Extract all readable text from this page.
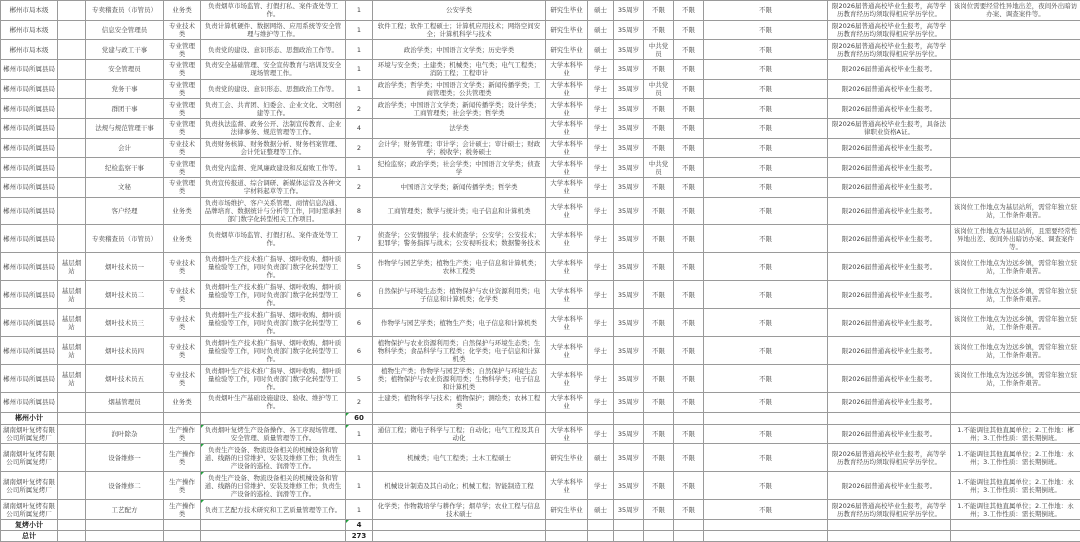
郴州市局本级		专卖稽查员（市管员）	业务类	负责烟草市场监管、打假打私、案件查处等工作。	1	公安学类	研究生毕业	硕士	35周岁	不限	不限	不限	限2026届普通高校毕业生报考，高等学历教育经历均须取得相应学历学位。	该岗位需要经常性异地出差，夜间外出暗访办案、调查案件等。
郴州市局本级		信息安全管理员	专业技术类	负责计算机硬件、数据网络、应用系统等安全管理与维护等工作。	1	软件工程；软件工程硕士；计算机应用技术；网络空间安全；计算机科学与技术	研究生毕业	硕士	35周岁	不限	不限	不限	限2026届普通高校毕业生报考，高等学历教育经历均须取得相应学历学位。	
郴州市局本级		党建与政工干事	专业管理类	负责党的建设、意识形态、思想政治工作等。	1	政治学类；中国语言文学类；历史学类	研究生毕业	硕士	35周岁	中共党员	不限	不限	限2026届普通高校毕业生报考，高等学历教育经历均须取得相应学历学位。	
郴州市局所属县局		安全管理员	专业管理类	负责安全基础管理、安全宣传教育与培训及安全现场管理工作。	1	环境与安全类；土建类；机械类；电气类；电气工程类；消防工程；工程审计	大学本科毕业	学士	35周岁	不限	不限	不限	限2026届普通高校毕业生报考。	
郴州市局所属县局		党务干事	专业管理类	负责党的建设、意识形态、思想政治工作等。	1	政治学类；哲学类；中国语言文学类；新闻传播学类；工商管理类；公共管理类	大学本科毕业	学士	35周岁	中共党员	不限	不限	限2026届普通高校毕业生报考。	
郴州市局所属县局		群团干事	专业管理类	负责工会、共青团、妇委会、企业文化、文明创建等工作。	2	政治学类；中国语言文学类；新闻传播学类；设计学类；工商管理类；社会学类；哲学类	大学本科毕业	学士	35周岁	不限	不限	不限	限2026届普通高校毕业生报考。	
郴州市局所属县局		法规与规范管理干事	专业管理类	负责执法监督、政务公开、法制宣传教育、企业法律事务、规范管理等工作。	4	法学类	大学本科毕业	学士	35周岁	不限	不限	不限	限2026届普通高校毕业生报考，具备法律职业资格A证。	
郴州市局所属县局		会计	专业技术类	负责财务核算、财务数据分析、财务档案管理、会计凭证整理等工作。	2	会计学；财务管理；审计学；会计硕士；审计硕士；财政学；税收学；税务硕士	大学本科毕业	学士	35周岁	不限	不限	不限	限2026届普通高校毕业生报考。	
郴州市局所属县局		纪检监察干事	专业管理类	负责党内监督、党风廉政建设和反腐败工作等。	1	纪检监察；政治学类；社会学类；中国语言文学类；侦查学	大学本科毕业	学士	35周岁	中共党员	不限	不限	限2026届普通高校毕业生报考。	
郴州市局所属县局		文秘	专业管理类	负责宣传报道、综合调研、新媒体运营及各种文字材料起草等工作。	2	中国语言文学类；新闻传播学类；哲学类	大学本科毕业	学士	35周岁	不限	不限	不限	限2026届普通高校毕业生报考。	
郴州市局所属县局		客户经理	业务类	负责市场维护、客户关系管理、商情信息沟通、品牌培育、数据统计与分析等工作，同时需承担部门数字化转型相关工作项目。	8	工商管理类；数学与统计类；电子信息和计算机类	大学本科毕业	学士	35周岁	不限	不限	不限	限2026届普通高校毕业生报考。	该岗位工作地点为基层站所，需常年独立驻站，工作条件艰苦。
郴州市局所属县局		专卖稽查员（市管员）	业务类	负责烟草市场监管、打假打私、案件查处等工作。	7	侦查学；公安情报学；技术侦查学；公安学；公安技术；犯罪学；警务指挥与战术；公安视听技术；数据警务技术	大学本科毕业	学士	35周岁	不限	不限	不限	限2026届普通高校毕业生报考。	该岗位工作地点为基层站所，且需要经常性异地出差、夜间外出暗访办案、调查案件等。
郴州市局所属县局	基层烟站	烟叶技术员一	专业技术类	负责烟叶生产技术推广指导、烟叶收购、烟叶质量检验等工作，同时负责部门数字化转型等工作。	5	作物学与园艺学类；植物生产类；电子信息和计算机类；农林工程类	大学本科毕业	学士	35周岁	不限	不限	不限	限2026届普通高校毕业生报考。	该岗位工作地点为边远乡镇，需常年独立驻站，工作条件艰苦。
郴州市局所属县局	基层烟站	烟叶技术员二	专业技术类	负责烟叶生产技术推广指导、烟叶收购、烟叶质量检验等工作，同时负责部门数字化转型等工作。	6	自然保护与环境生态类；植物保护与农业资源利用类；电子信息和计算机类；化学类	大学本科毕业	学士	35周岁	不限	不限	不限	限2026届普通高校毕业生报考。	该岗位工作地点为边远乡镇，需常年独立驻站，工作条件艰苦。
郴州市局所属县局	基层烟站	烟叶技术员三	专业技术类	负责烟叶生产技术推广指导、烟叶收购、烟叶质量检验等工作，同时负责部门数字化转型等工作。	6	作物学与园艺学类；植物生产类；电子信息和计算机类	大学本科毕业	学士	35周岁	不限	不限	不限	限2026届普通高校毕业生报考。	该岗位工作地点为边远乡镇，需常年独立驻站，工作条件艰苦。
郴州市局所属县局	基层烟站	烟叶技术员四	专业技术类	负责烟叶生产技术推广指导、烟叶收购、烟叶质量检验等工作，同时负责部门数字化转型等工作。	6	植物保护与农业资源利用类；自然保护与环境生态类；生物科学类；食品科学与工程类；化学类；电子信息和计算机类	大学本科毕业	学士	35周岁	不限	不限	不限	限2026届普通高校毕业生报考。	该岗位工作地点为边远乡镇，需常年独立驻站，工作条件艰苦。
郴州市局所属县局	基层烟站	烟叶技术员五	专业技术类	负责烟叶生产技术推广指导、烟叶收购、烟叶质量检验等工作，同时负责部门数字化转型等工作。	5	植物生产类；作物学与园艺学类；自然保护与环境生态类；植物保护与农业资源利用类；生物科学类；电子信息和计算机类	大学本科毕业	学士	35周岁	不限	不限	不限	限2026届普通高校毕业生报考。	该岗位工作地点为边远乡镇，需常年独立驻站，工作条件艰苦。
郴州市局所属县局		烟基管理员	业务类	负责烟叶生产基础设施建设、验收、维护等工作。	2	土建类；植物科学与技术；植物保护；测绘类；农林工程类	大学本科毕业	学士	35周岁	不限	不限	不限	限2026届普通高校毕业生报考。	
郴州小计					60									
湖南烟叶复烤有限公司所属复烤厂		润叶除杂	生产操作类	负责烟叶复烤生产设备操作、各工序现场管理、安全管理、质量管理等工作。	1	通信工程；微电子科学与工程；自动化；电气工程及其自动化	大学本科毕业	学士	35周岁	不限	不限	不限	限2026届普通高校毕业生报考。	1.不能调往其他直属单位；2.工作地：郴州；3.工作性质：需长期倒班。
湖南烟叶复烤有限公司所属复烤厂		设备维修一	生产操作类	负责生产设备、物流设备相关的机械设备和管道、线路的日常维护、安装及维修工作；负责生产设备的巡检、润滑等工作。	1	机械类；电气工程类；土木工程硕士	研究生毕业	硕士	35周岁	不限	不限	不限	限2026届普通高校毕业生报考，高等学历教育经历均须取得相应学历学位。	1.不能调往其他直属单位；2.工作地：永州；3.工作性质：需长期倒班。
湖南烟叶复烤有限公司所属复烤厂		设备维修二	生产操作类	负责生产设备、物流设备相关的机械设备和管道、线路的日常维护、安装及维修工作；负责生产设备的巡检、润滑等工作。	1	机械设计制造及其自动化；机械工程；智能制造工程	大学本科毕业	学士	35周岁	不限	不限	不限	限2026届普通高校毕业生报考。	1.不能调往其他直属单位；2.工作地：永州；3.工作性质：需长期倒班。
湖南烟叶复烤有限公司所属复烤厂		工艺配方	生产操作类	负责工艺配方技术研究和工艺质量管理等工作。	1	化学类；作物栽培学与耕作学；烟草学；农业工程与信息技术硕士	研究生毕业	硕士	35周岁	不限	不限	不限	限2026届普通高校毕业生报考，高等学历教育经历均须取得相应学历学位。	1.不能调往其他直属单位；2.工作地：永州；3.工作性质：需长期倒班。
复烤小计					4									
总计					273									
